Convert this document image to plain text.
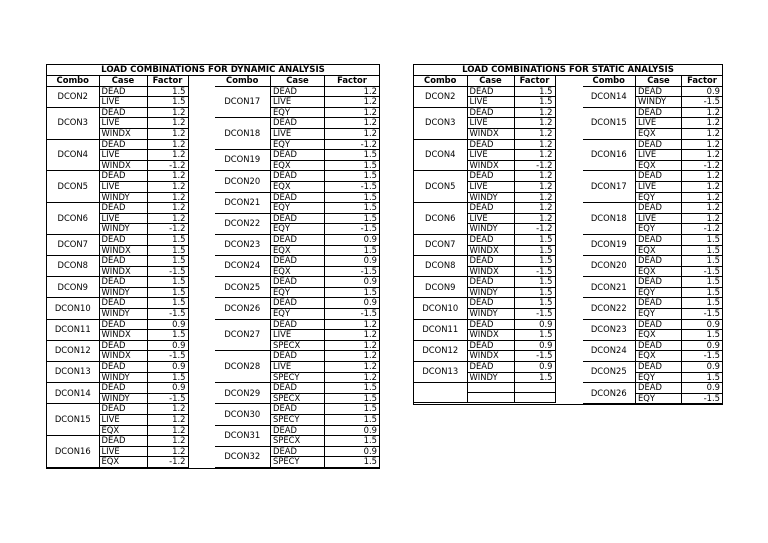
LOAD COMBINATIONS FOR DYNAMIC ANALYSIS
Combo	Case	Factor
DCON2	DEAD	1.5
	LIVE	1.5
DCON3	DEAD	1.2
	LIVE	1.2
	WINDX	1.2
DCON4	DEAD	1.2
	LIVE	1.2
	WINDX	-1.2
DCON5	DEAD	1.2
	LIVE	1.2
	WINDY	1.2
DCON6	DEAD	1.2
	LIVE	1.2
	WINDY	-1.2
DCON7	DEAD	1.5
	WINDX	1.5
DCON8	DEAD	1.5
	WINDX	-1.5
DCON9	DEAD	1.5
	WINDY	1.5
DCON10	DEAD	1.5
	WINDY	-1.5
DCON11	DEAD	0.9
	WINDX	1.5
DCON12	DEAD	0.9
	WINDX	-1.5
DCON13	DEAD	0.9
	WINDY	1.5
DCON14	DEAD	0.9
	WINDY	-1.5
DCON15	DEAD	1.2
	LIVE	1.2
	EQX	1.2
DCON16	DEAD	1.2
	LIVE	1.2
	EQX	-1.2
Combo	Case	Factor
DCON17	DEAD	1.2
	LIVE	1.2
	EQY	1.2
DCON18	DEAD	1.2
	LIVE	1.2
	EQY	-1.2
DCON19	DEAD	1.5
	EQX	1.5
DCON20	DEAD	1.5
	EQX	-1.5
DCON21	DEAD	1.5
	EQY	1.5
DCON22	DEAD	1.5
	EQY	-1.5
DCON23	DEAD	0.9
	EQX	1.5
DCON24	DEAD	0.9
	EQX	-1.5
DCON25	DEAD	0.9
	EQY	1.5
DCON26	DEAD	0.9
	EQY	-1.5
DCON27	DEAD	1.2
	LIVE	1.2
	SPECX	1.2
DCON28	DEAD	1.2
	LIVE	1.2
	SPECY	1.2
DCON29	DEAD	1.5
	SPECX	1.5
DCON30	DEAD	1.5
	SPECY	1.5
DCON31	DEAD	0.9
	SPECX	1.5
DCON32	DEAD	0.9
	SPECY	1.5
LOAD COMBINATIONS FOR STATIC ANALYSIS
Combo	Case	Factor
DCON2	DEAD	1.5
	LIVE	1.5
DCON3	DEAD	1.2
	LIVE	1.2
	WINDX	1.2
DCON4	DEAD	1.2
	LIVE	1.2
	WINDX	-1.2
DCON5	DEAD	1.2
	LIVE	1.2
	WINDY	1.2
DCON6	DEAD	1.2
	LIVE	1.2
	WINDY	-1.2
DCON7	DEAD	1.5
	WINDX	1.5
DCON8	DEAD	1.5
	WINDX	-1.5
DCON9	DEAD	1.5
	WINDY	1.5
DCON10	DEAD	1.5
	WINDY	-1.5
DCON11	DEAD	0.9
	WINDX	1.5
DCON12	DEAD	0.9
	WINDX	-1.5
DCON13	DEAD	0.9
	WINDY	1.5

Combo	Case	Factor
DCON14	DEAD	0.9
	WINDY	-1.5
DCON15	DEAD	1.2
	LIVE	1.2
	EQX	1.2
DCON16	DEAD	1.2
	LIVE	1.2
	EQX	-1.2
DCON17	DEAD	1.2
	LIVE	1.2
	EQY	1.2
DCON18	DEAD	1.2
	LIVE	1.2
	EQY	-1.2
DCON19	DEAD	1.5
	EQX	1.5
DCON20	DEAD	1.5
	EQX	-1.5
DCON21	DEAD	1.5
	EQY	1.5
DCON22	DEAD	1.5
	EQY	-1.5
DCON23	DEAD	0.9
	EQX	1.5
DCON24	DEAD	0.9
	EQX	-1.5
DCON25	DEAD	0.9
	EQY	1.5
DCON26	DEAD	0.9
	EQY	-1.5
